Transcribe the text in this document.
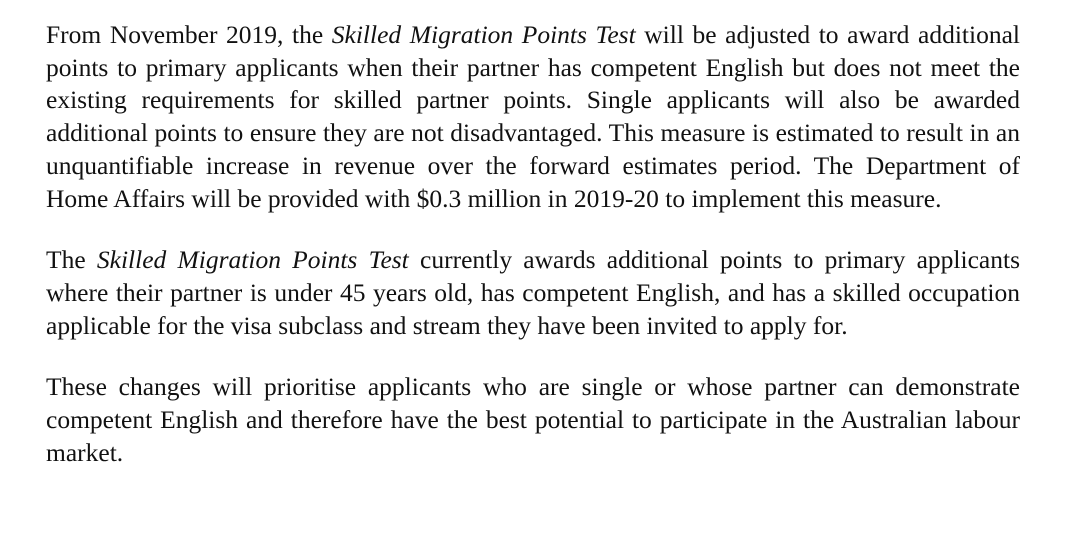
From November 2019, the Skilled Migration Points Test will be adjusted to award additional points to primary applicants when their partner has competent English but does not meet the existing requirements for skilled partner points. Single applicants will also be awarded additional points to ensure they are not disadvantaged. This measure is estimated to result in an unquantifiable increase in revenue over the forward estimates period. The Department of Home Affairs will be provided with $0.3 million in 2019-20 to implement this measure.

The Skilled Migration Points Test currently awards additional points to primary applicants where their partner is under 45 years old, has competent English, and has a skilled occupation applicable for the visa subclass and stream they have been invited to apply for.

These changes will prioritise applicants who are single or whose partner can demonstrate competent English and therefore have the best potential to participate in the Australian labour market.
